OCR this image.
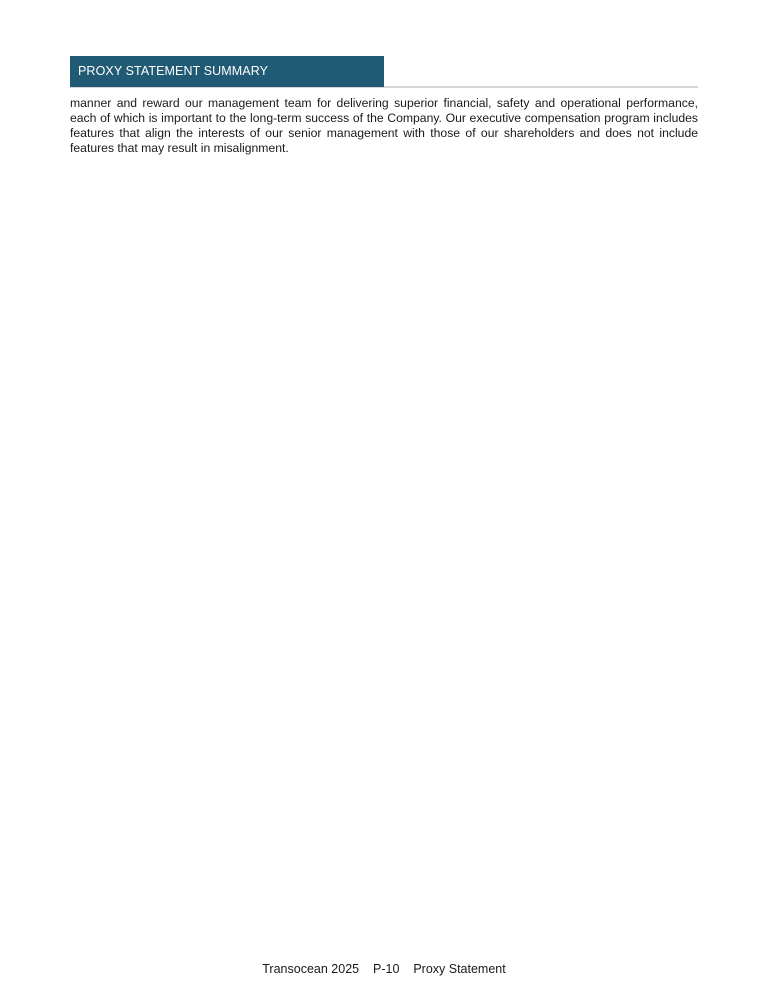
PROXY STATEMENT SUMMARY

manner and reward our management team for delivering superior financial, safety and operational performance, each of which is important to the long-term success of the Company. Our executive compensation program includes features that align the interests of our senior management with those of our shareholders and does not include features that may result in misalignment.

Transocean 2025 P-10 Proxy Statement
